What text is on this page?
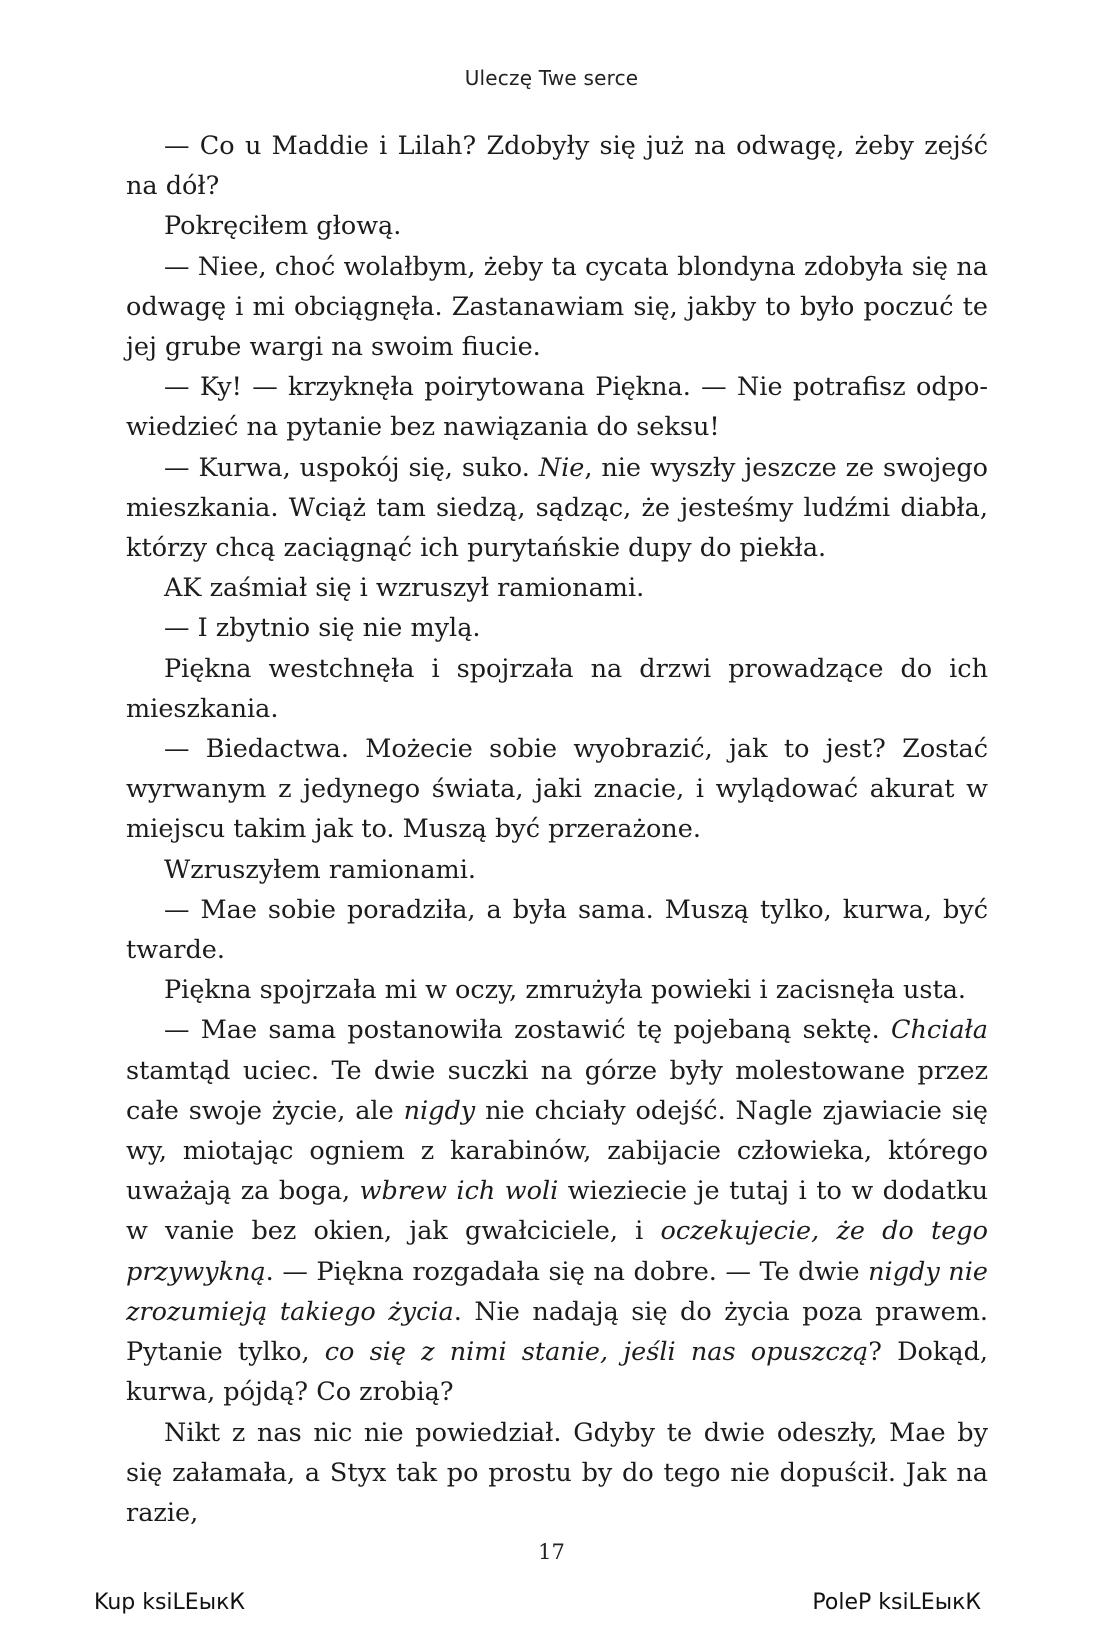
Uleczę Twe serce

— Co u Maddie i Lilah? Zdobyły się już na odwagę, żeby zejść na dół?

Pokręciłem głową.

— Niee, choć wolałbym, żeby ta cycata blondyna zdobyła się na odwagę i mi obciągnęła. Zastanawiam się, jakby to było poczuć te jej grube wargi na swoim fiucie.

— Ky! — krzyknęła poirytowana Piękna. — Nie potrafisz odpowiedzieć na pytanie bez nawiązania do seksu!

— Kurwa, uspokój się, suko. Nie, nie wyszły jeszcze ze swojego mieszkania. Wciąż tam siedzą, sądząc, że jesteśmy ludźmi diabła, którzy chcą zaciągnąć ich purytańskie dupy do piekła.

AK zaśmiał się i wzruszył ramionami.

— I zbytnio się nie mylą.

Piękna westchnęła i spojrzała na drzwi prowadzące do ich mieszkania.

— Biedactwa. Możecie sobie wyobrazić, jak to jest? Zostać wyrwanym z jedynego świata, jaki znacie, i wylądować akurat w miejscu takim jak to. Muszą być przerażone.

Wzruszyłem ramionami.

— Mae sobie poradziła, a była sama. Muszą tylko, kurwa, być twarde.

Piękna spojrzała mi w oczy, zmrużyła powieki i zacisnęła usta.

— Mae sama postanowiła zostawić tę pojebaną sektę. Chciała stamtąd uciec. Te dwie suczki na górze były molestowane przez całe swoje życie, ale nigdy nie chciały odejść. Nagle zjawiacie się wy, miotając ogniem z karabinów, zabijacie człowieka, którego uważają za boga, wbrew ich woli wieziecie je tutaj i to w dodatku w vanie bez okien, jak gwałciciele, i oczekujecie, że do tego przywykną. — Piękna rozgadała się na dobre. — Te dwie nigdy nie zrozumieją takiego życia. Nie nadają się do życia poza prawem. Pytanie tylko, co się z nimi stanie, jeśli nas opuszczą? Dokąd, kurwa, pójdą? Co zrobią?

Nikt z nas nic nie powiedział. Gdyby te dwie odeszły, Mae by się załamała, a Styx tak po prostu by do tego nie dopuścił. Jak na razie,

17
Kup ksiLЕыкК	PoleP ksiLЕыкК
